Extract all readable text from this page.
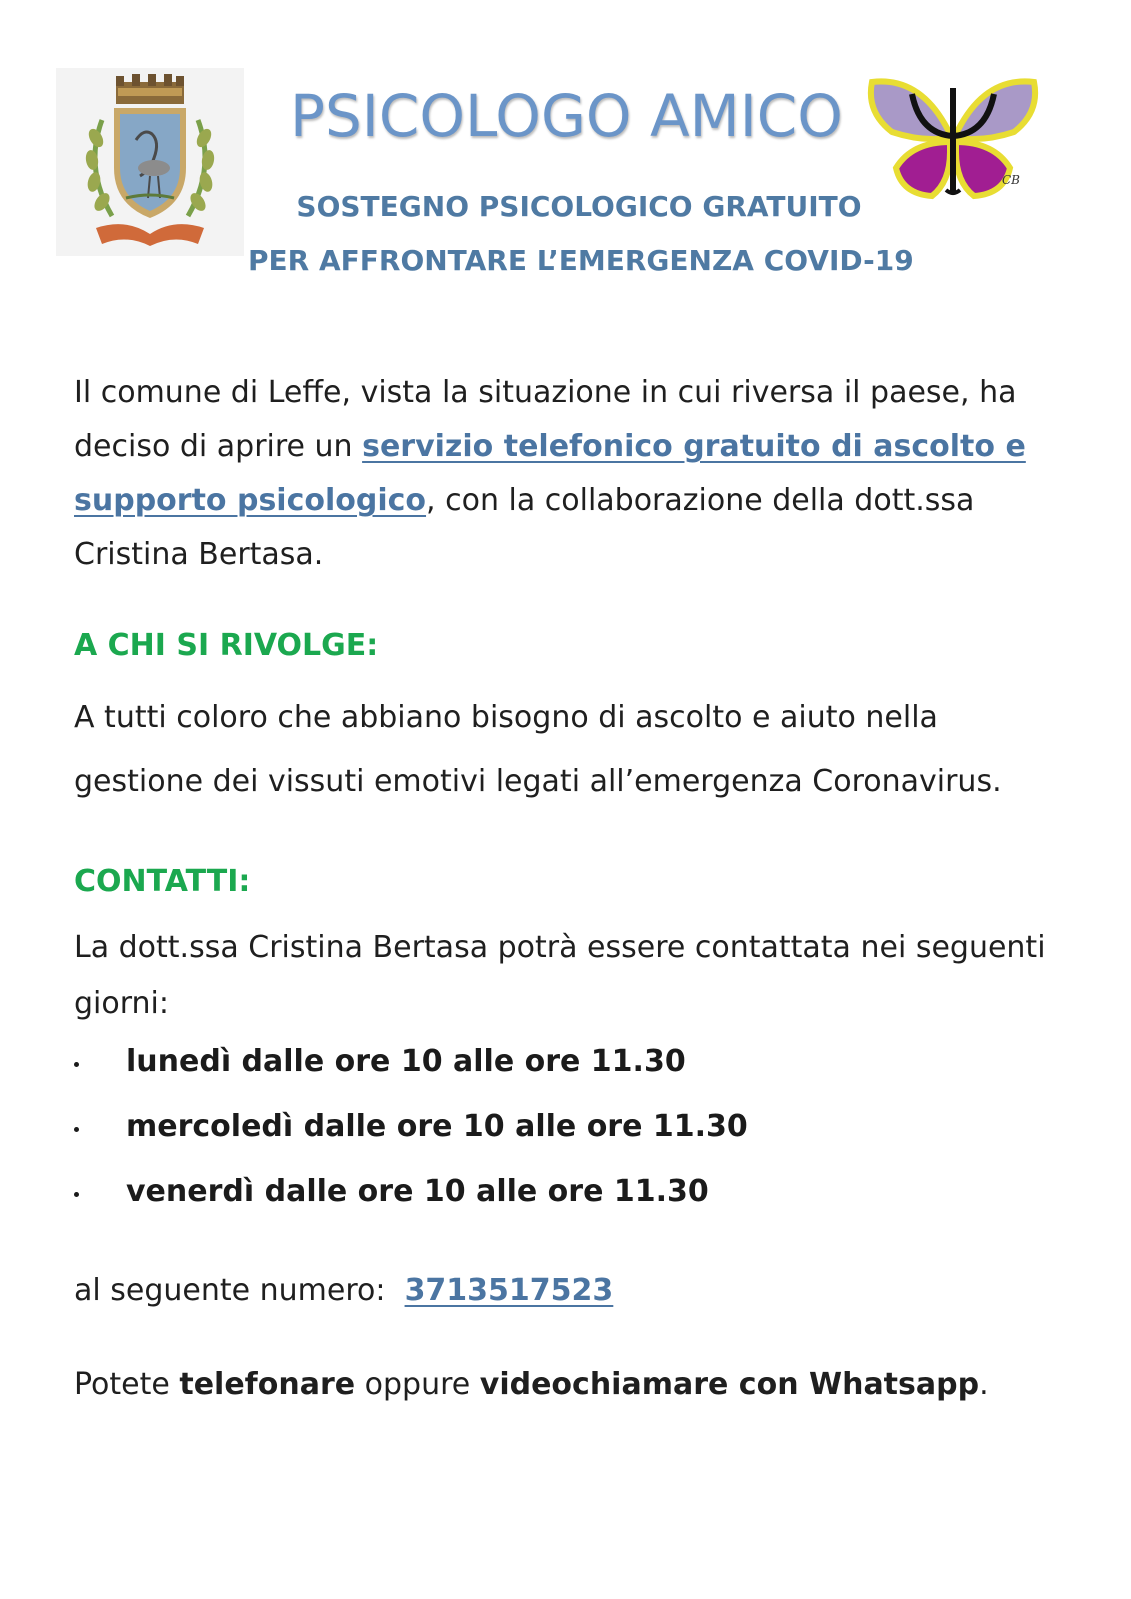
PSICOLOGO AMICO
CB
SOSTEGNO PSICOLOGICO GRATUITO
PER AFFRONTARE L’EMERGENZA COVID-19
Il comune di Leffe, vista la situazione in cui riversa il paese, ha deciso di aprire un servizio telefonico gratuito di ascolto e supporto psicologico, con la collaborazione della dott.ssa Cristina Bertasa.
A CHI SI RIVOLGE:
A tutti coloro che abbiano bisogno di ascolto e aiuto nella gestione dei vissuti emotivi legati all’emergenza Coronavirus.
CONTATTI:
La dott.ssa Cristina Bertasa potrà essere contattata nei seguenti giorni:
lunedì dalle ore 10 alle ore 11.30
mercoledì dalle ore 10 alle ore 11.30
venerdì dalle ore 10 alle ore 11.30
al seguente numero: 3713517523
Potete telefonare oppure videochiamare con Whatsapp.
